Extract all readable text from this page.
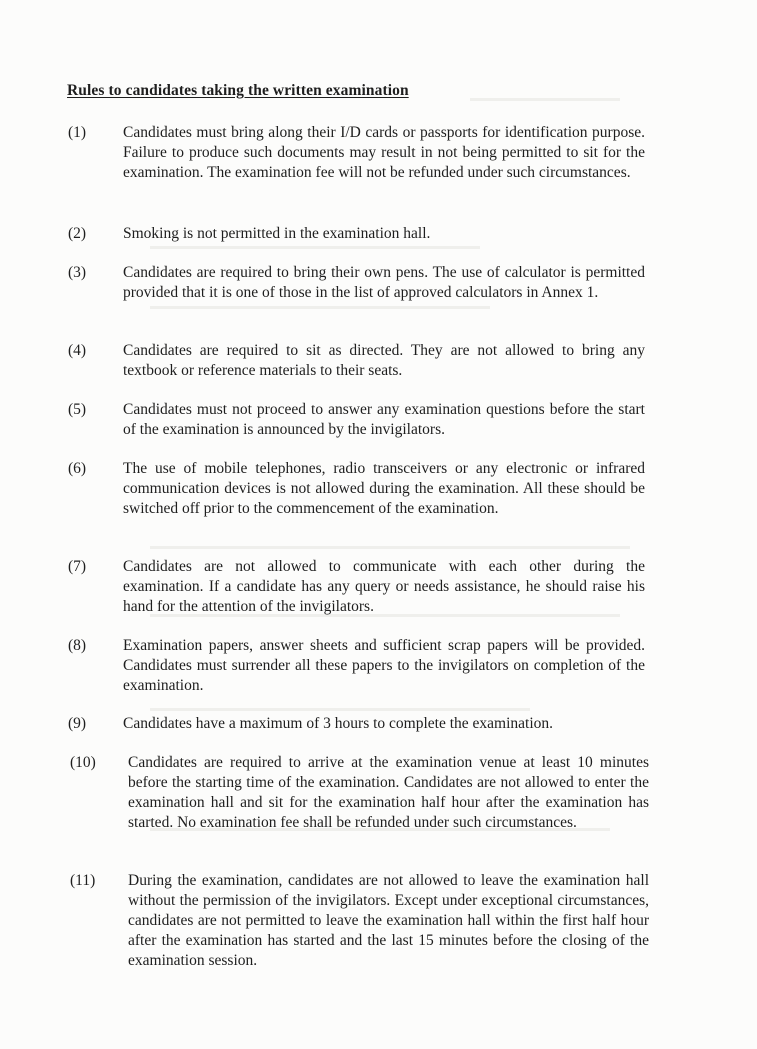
Rules to candidates taking the written examination
(1) Candidates must bring along their I/D cards or passports for identification purpose. Failure to produce such documents may result in not being permitted to sit for the examination. The examination fee will not be refunded under such circumstances.
(2) Smoking is not permitted in the examination hall.
(3) Candidates are required to bring their own pens. The use of calculator is permitted provided that it is one of those in the list of approved calculators in Annex 1.
(4) Candidates are required to sit as directed. They are not allowed to bring any textbook or reference materials to their seats.
(5) Candidates must not proceed to answer any examination questions before the start of the examination is announced by the invigilators.
(6) The use of mobile telephones, radio transceivers or any electronic or infrared communication devices is not allowed during the examination. All these should be switched off prior to the commencement of the examination.
(7) Candidates are not allowed to communicate with each other during the examination. If a candidate has any query or needs assistance, he should raise his hand for the attention of the invigilators.
(8) Examination papers, answer sheets and sufficient scrap papers will be provided. Candidates must surrender all these papers to the invigilators on completion of the examination.
(9) Candidates have a maximum of 3 hours to complete the examination.
(10) Candidates are required to arrive at the examination venue at least 10 minutes before the starting time of the examination. Candidates are not allowed to enter the examination hall and sit for the examination half hour after the examination has started. No examination fee shall be refunded under such circumstances.
(11) During the examination, candidates are not allowed to leave the examination hall without the permission of the invigilators. Except under exceptional circumstances, candidates are not permitted to leave the examination hall within the first half hour after the examination has started and the last 15 minutes before the closing of the examination session.
